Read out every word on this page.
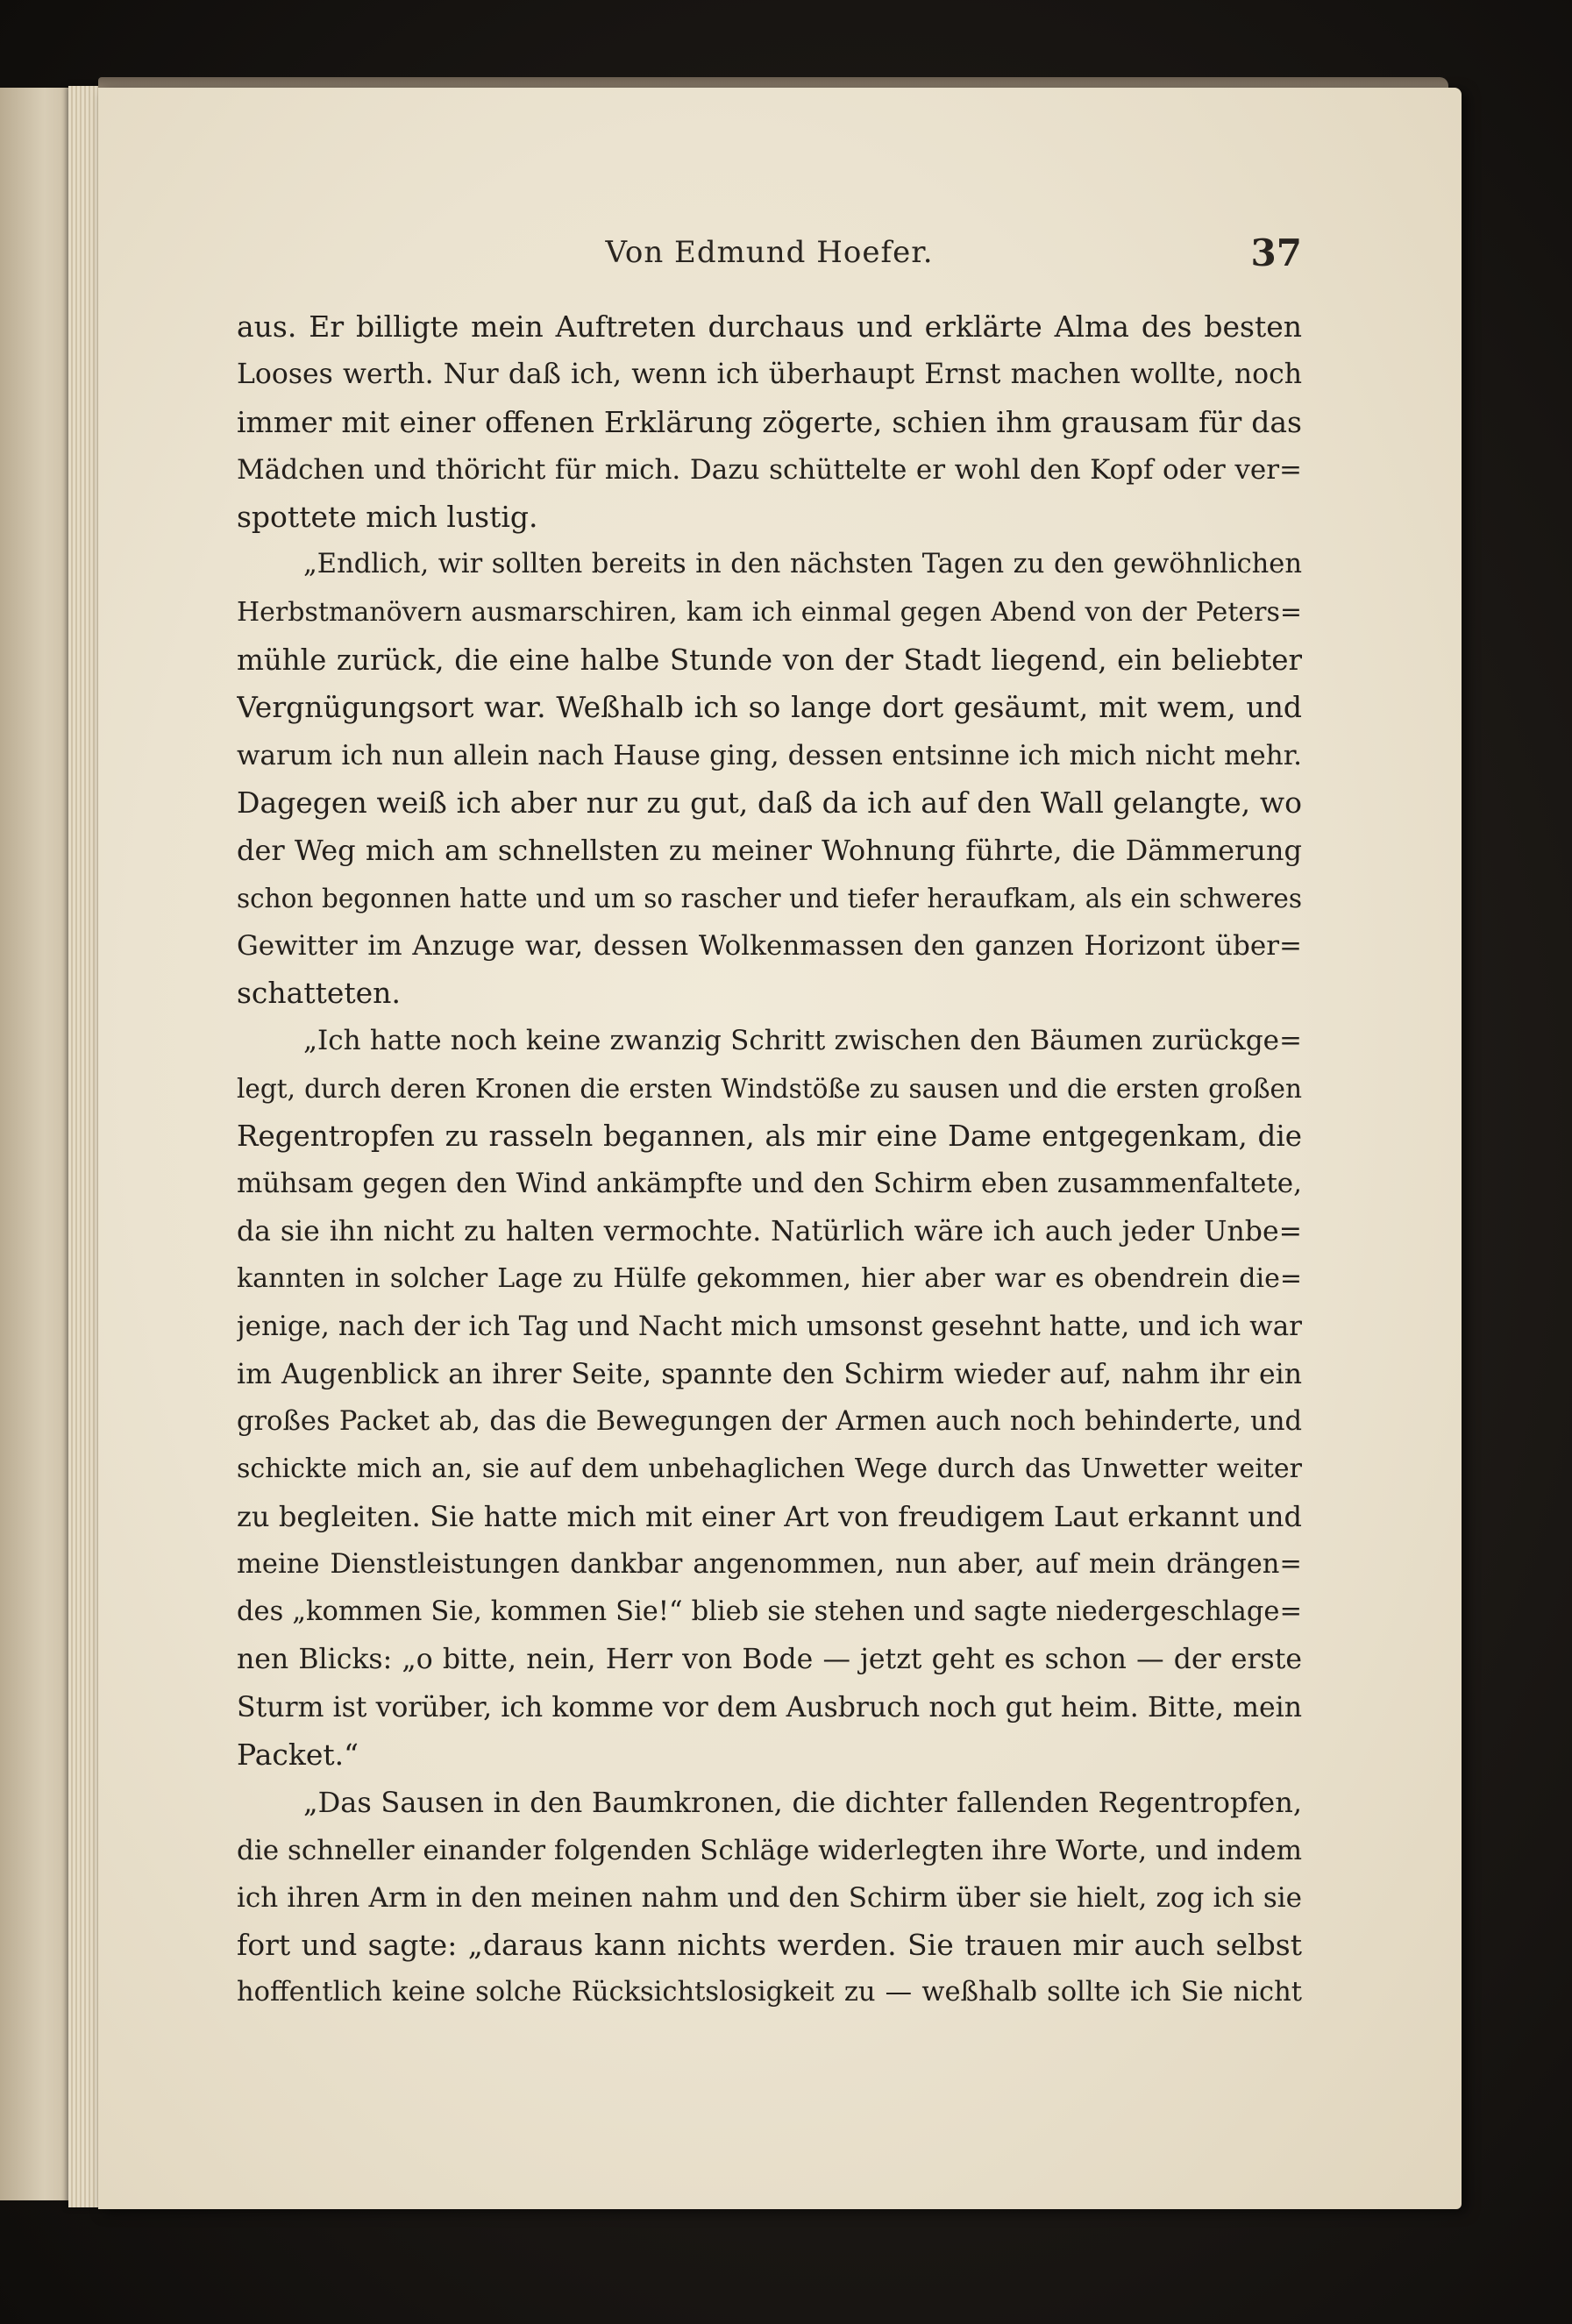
Von Edmund Hoefer.	37
aus. Er billigte mein Auftreten durchaus und erklärte Alma des besten
Looses werth. Nur daß ich, wenn ich überhaupt Ernst machen wollte, noch
immer mit einer offenen Erklärung zögerte, schien ihm grausam für das
Mädchen und thöricht für mich. Dazu schüttelte er wohl den Kopf oder ver=
spottete mich lustig.
„Endlich, wir sollten bereits in den nächsten Tagen zu den gewöhnlichen
Herbstmanövern ausmarschiren, kam ich einmal gegen Abend von der Peters=
mühle zurück, die eine halbe Stunde von der Stadt liegend, ein beliebter
Vergnügungsort war. Weßhalb ich so lange dort gesäumt, mit wem, und
warum ich nun allein nach Hause ging, dessen entsinne ich mich nicht mehr.
Dagegen weiß ich aber nur zu gut, daß da ich auf den Wall gelangte, wo
der Weg mich am schnellsten zu meiner Wohnung führte, die Dämmerung
schon begonnen hatte und um so rascher und tiefer heraufkam, als ein schweres
Gewitter im Anzuge war, dessen Wolkenmassen den ganzen Horizont über=
schatteten.
„Ich hatte noch keine zwanzig Schritt zwischen den Bäumen zurückge=
legt, durch deren Kronen die ersten Windstöße zu sausen und die ersten großen
Regentropfen zu rasseln begannen, als mir eine Dame entgegenkam, die
mühsam gegen den Wind ankämpfte und den Schirm eben zusammenfaltete,
da sie ihn nicht zu halten vermochte. Natürlich wäre ich auch jeder Unbe=
kannten in solcher Lage zu Hülfe gekommen, hier aber war es obendrein die=
jenige, nach der ich Tag und Nacht mich umsonst gesehnt hatte, und ich war
im Augenblick an ihrer Seite, spannte den Schirm wieder auf, nahm ihr ein
großes Packet ab, das die Bewegungen der Armen auch noch behinderte, und
schickte mich an, sie auf dem unbehaglichen Wege durch das Unwetter weiter
zu begleiten. Sie hatte mich mit einer Art von freudigem Laut erkannt und
meine Dienstleistungen dankbar angenommen, nun aber, auf mein drängen=
des „kommen Sie, kommen Sie!“ blieb sie stehen und sagte niedergeschlage=
nen Blicks: „o bitte, nein, Herr von Bode — jetzt geht es schon — der erste
Sturm ist vorüber, ich komme vor dem Ausbruch noch gut heim. Bitte, mein
Packet.“
„Das Sausen in den Baumkronen, die dichter fallenden Regentropfen,
die schneller einander folgenden Schläge widerlegten ihre Worte, und indem
ich ihren Arm in den meinen nahm und den Schirm über sie hielt, zog ich sie
fort und sagte: „daraus kann nichts werden. Sie trauen mir auch selbst
hoffentlich keine solche Rücksichtslosigkeit zu — weßhalb sollte ich Sie nicht
